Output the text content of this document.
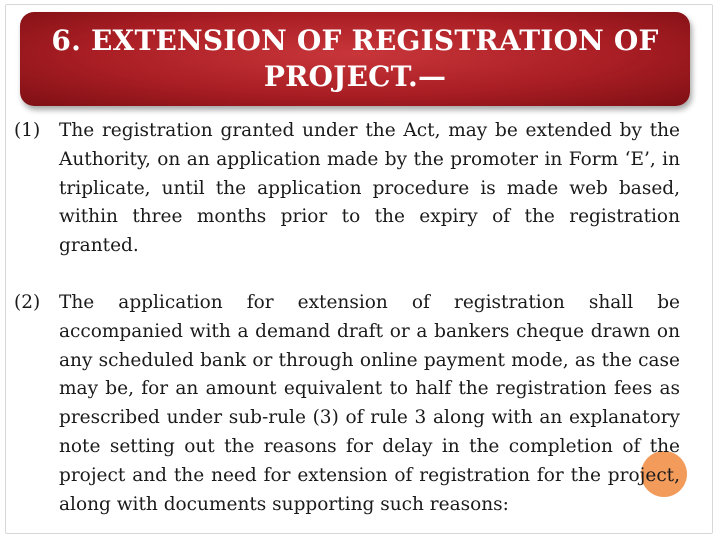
6. EXTENSION OF REGISTRATION OF PROJECT.—
(1)	The registration granted under the Act, may be extended by the Authority, on an application made by the promoter in Form ‘E’, in triplicate, until the application procedure is made web based, within three months prior to the expiry of the registration granted.

(2)	The application for extension of registration shall be accompanied with a demand draft or a bankers cheque drawn on any scheduled bank or through online payment mode, as the case may be, for an amount equivalent to half the registration fees as prescribed under sub-rule (3) of rule 3 along with an explanatory note setting out the reasons for delay in the completion of the project and the need for extension of registration for the project, along with documents supporting such reasons:
